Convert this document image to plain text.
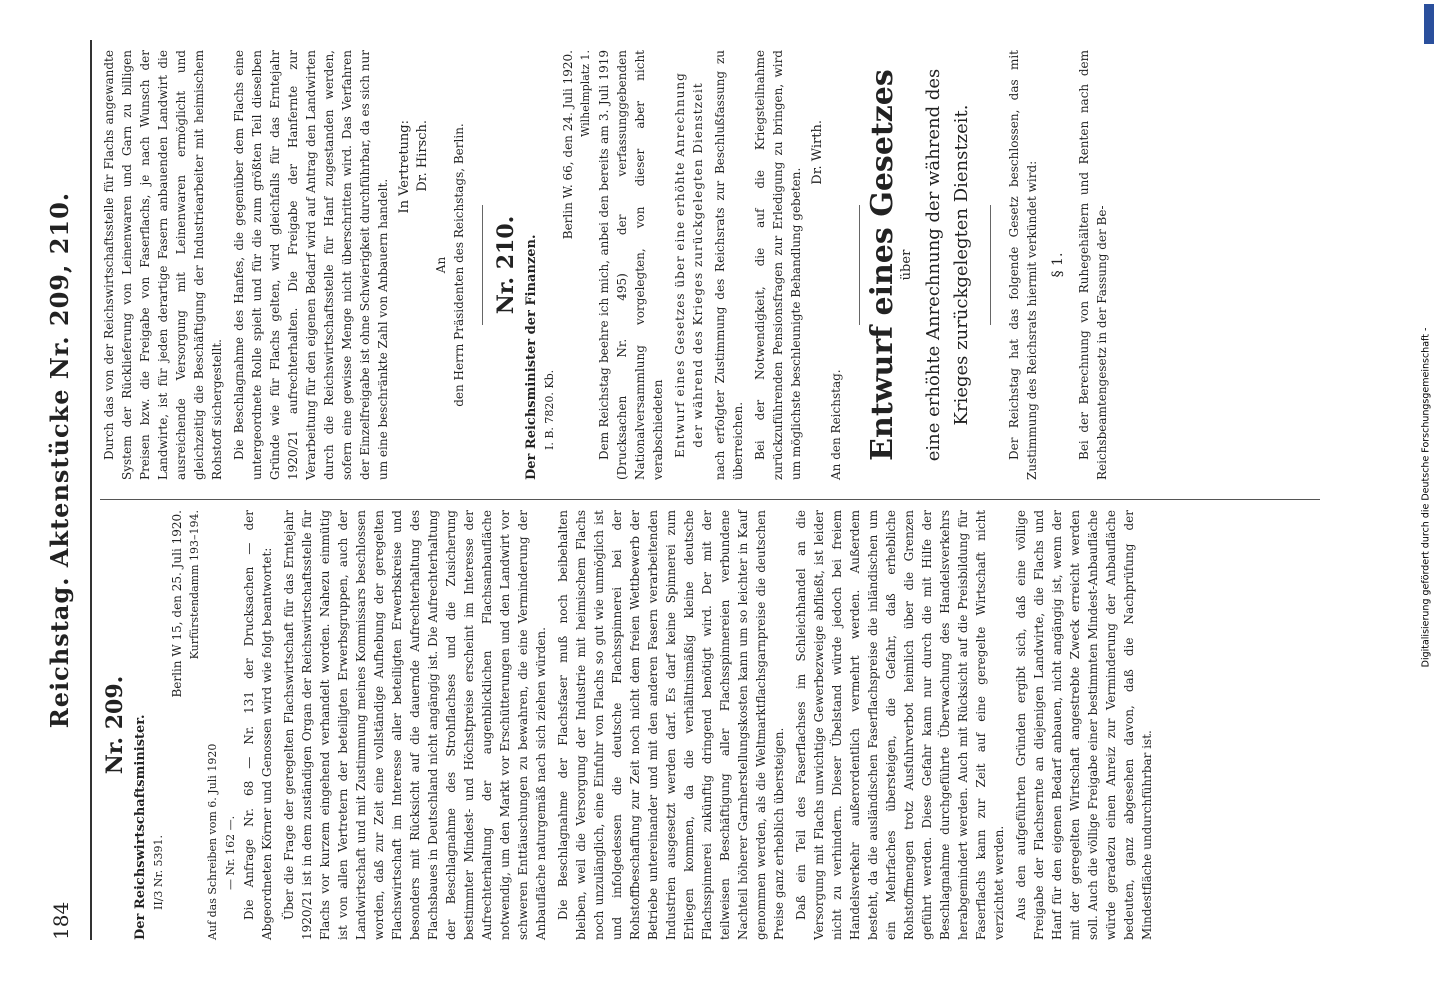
184
Reichstag. Aktenstücke Nr. 209, 210. Nr. 209. Der Reichswirtschaftsminister. II/3 Nr. 5391.
Berlin W 15, den 25. Juli 1920. Kurfürstendamm 193–194.
Auf das Schreiben vom 6. Juli 1920 — Nr. 162 —. Die Anfrage Nr. 68 — Nr. 131 der Drucksachen — der Abgeordneten Körner und Genossen wird wie folgt beantwortet: Über die Frage der geregelten Flachswirtschaft für das Erntejahr 1920/21 ist in dem zuständigen Organ der Reichswirtschaftsstelle für Flachs vor kurzem eingehend verhandelt worden. Nahezu einmütig ist von allen Vertretern der beteiligten Erwerbsgruppen, auch der Landwirtschaft und mit Zustimmung meines Kommissars beschlossen worden, daß zur Zeit eine vollständige Aufhebung der geregelten Flachswirtschaft im Interesse aller beteiligten Erwerbskreise und besonders mit Rücksicht auf die dauernde Aufrechterhaltung des Flachsbaues in Deutschland nicht angängig ist. Die Aufrechterhaltung der Beschlagnahme des Strohflachses und die Zusicherung bestimmter Mindest- und Höchstpreise erscheint im Interesse der Aufrechterhaltung der augenblicklichen Flachsanbaufläche notwendig, um den Markt vor Erschütterungen und den Landwirt vor schweren Enttäuschungen zu bewahren, die eine Verminderung der Anbaufläche naturgemäß nach sich ziehen würden. Die Beschlagnahme der Flachsfaser muß noch beibehalten bleiben, weil die Versorgung der Industrie mit heimischem Flachs noch unzulänglich, eine Einfuhr von Flachs so gut wie unmöglich ist und infolgedessen die deutsche Flachsspinnerei bei der Rohstoffbeschaffung zur Zeit noch nicht dem freien Wettbewerb der Betriebe untereinander und mit den anderen Fasern verarbeitenden Industrien ausgesetzt werden darf. Es darf keine Spinnerei zum Erliegen kommen, da die verhältnismäßig kleine deutsche Flachsspinnerei zukünftig dringend benötigt wird. Der mit der teilweisen Beschäftigung aller Flachsspinnereien verbundene Nachteil höherer Garnherstellungskosten kann um so leichter in Kauf genommen werden, als die Weltmarktflachsgarnpreise die deutschen Preise ganz erheblich übersteigen. Daß ein Teil des Faserflachses im Schleichhandel an die Versorgung mit Flachs unwichtige Gewerbezweige abfließt, ist leider nicht zu verhindern. Dieser Übelstand würde jedoch bei freiem Handelsverkehr außerordentlich vermehrt werden. Außerdem besteht, da die ausländischen Faserflachspreise die inländischen um ein Mehrfaches übersteigen, die Gefahr, daß erhebliche Rohstoffmengen trotz Ausfuhrverbot heimlich über die Grenzen geführt werden. Diese Gefahr kann nur durch die mit Hilfe der Beschlagnahme durchgeführte Überwachung des Handelsverkehrs herabgemindert werden. Auch mit Rücksicht auf die Preisbildung für Faserflachs kann zur Zeit auf eine geregelte Wirtschaft nicht verzichtet werden. Aus den aufgeführten Gründen ergibt sich, daß eine völlige Freigabe der Flachsernte an diejenigen Landwirte, die Flachs und Hanf für den eigenen Bedarf anbauen, nicht angängig ist, wenn der mit der geregelten Wirtschaft angestrebte Zweck erreicht werden soll. Auch die völlige Freigabe einer bestimmten Mindest-Anbaufläche würde geradezu einen Anreiz zur Verminderung der Anbaufläche bedeuten, ganz abgesehen davon, daß die Nachprüfung der Mindestfläche undurchführbar ist.

Durch das von der Reichswirtschaftsstelle für Flachs angewandte System der Rücklieferung von Leinenwaren und Garn zu billigen Preisen bzw. die Freigabe von Faserflachs, je nach Wunsch der Landwirte, ist für jeden derartige Fasern anbauenden Landwirt die ausreichende Versorgung mit Leinenwaren ermöglicht und gleichzeitig die Beschäftigung der Industriearbeiter mit heimischem Rohstoff sichergestellt. Die Beschlagnahme des Hanfes, die gegenüber dem Flachs eine untergeordnete Rolle spielt und für die zum größten Teil dieselben Gründe wie für Flachs gelten, wird gleichfalls für das Erntejahr 1920/21 aufrechterhalten. Die Freigabe der Hanfernte zur Verarbeitung für den eigenen Bedarf wird auf Antrag den Landwirten durch die Reichswirtschaftsstelle für Hanf zugestanden werden, sofern eine gewisse Menge nicht überschritten wird. Das Verfahren der Einzelfreigabe ist ohne Schwierigkeit durchführbar, da es sich nur um eine beschränkte Zahl von Anbauern handelt.

In Vertretung: Dr. Hirsch.
An den Herrn Präsidenten des Reichstags, Berlin. Nr. 210. Der Reichsminister der Finanzen. I. B. 7820. Kb.
Berlin W. 66, den 24. Juli 1920. Wilhelmplatz 1. Dem Reichstag beehre ich mich, anbei den bereits am 3. Juli 1919 (Drucksachen Nr. 495) der verfassunggebenden Nationalversammlung vorgelegten, von dieser aber nicht verabschiedeten Entwurf eines Gesetzes über eine erhöhte Anrechnung der während des Krieges zurückgelegten Dienstzeit nach erfolgter Zustimmung des Reichsrats zur Beschlußfassung zu überreichen. Bei der Notwendigkeit, die auf die Kriegsteilnahme zurückzuführenden Pensionsfragen zur Erledigung zu bringen, wird um möglichste beschleunigte Behandlung gebeten.

Dr. Wirth.
An den Reichstag. Entwurf eines Gesetzes über eine erhöhte Anrechnung der während des Krieges zurückgelegten Dienstzeit.	Der Reichstag hat das folgende Gesetz beschlossen, das mit Zustimmung des Reichsrats hiermit verkündet wird: § 1. Bei der Berechnung von Ruhegehältern und Renten nach dem Reichsbeamtengesetz in der Fassung der Be-	Digitalisierung gefördert durch die Deutsche Forschungsgemeinschaft -
DFG
